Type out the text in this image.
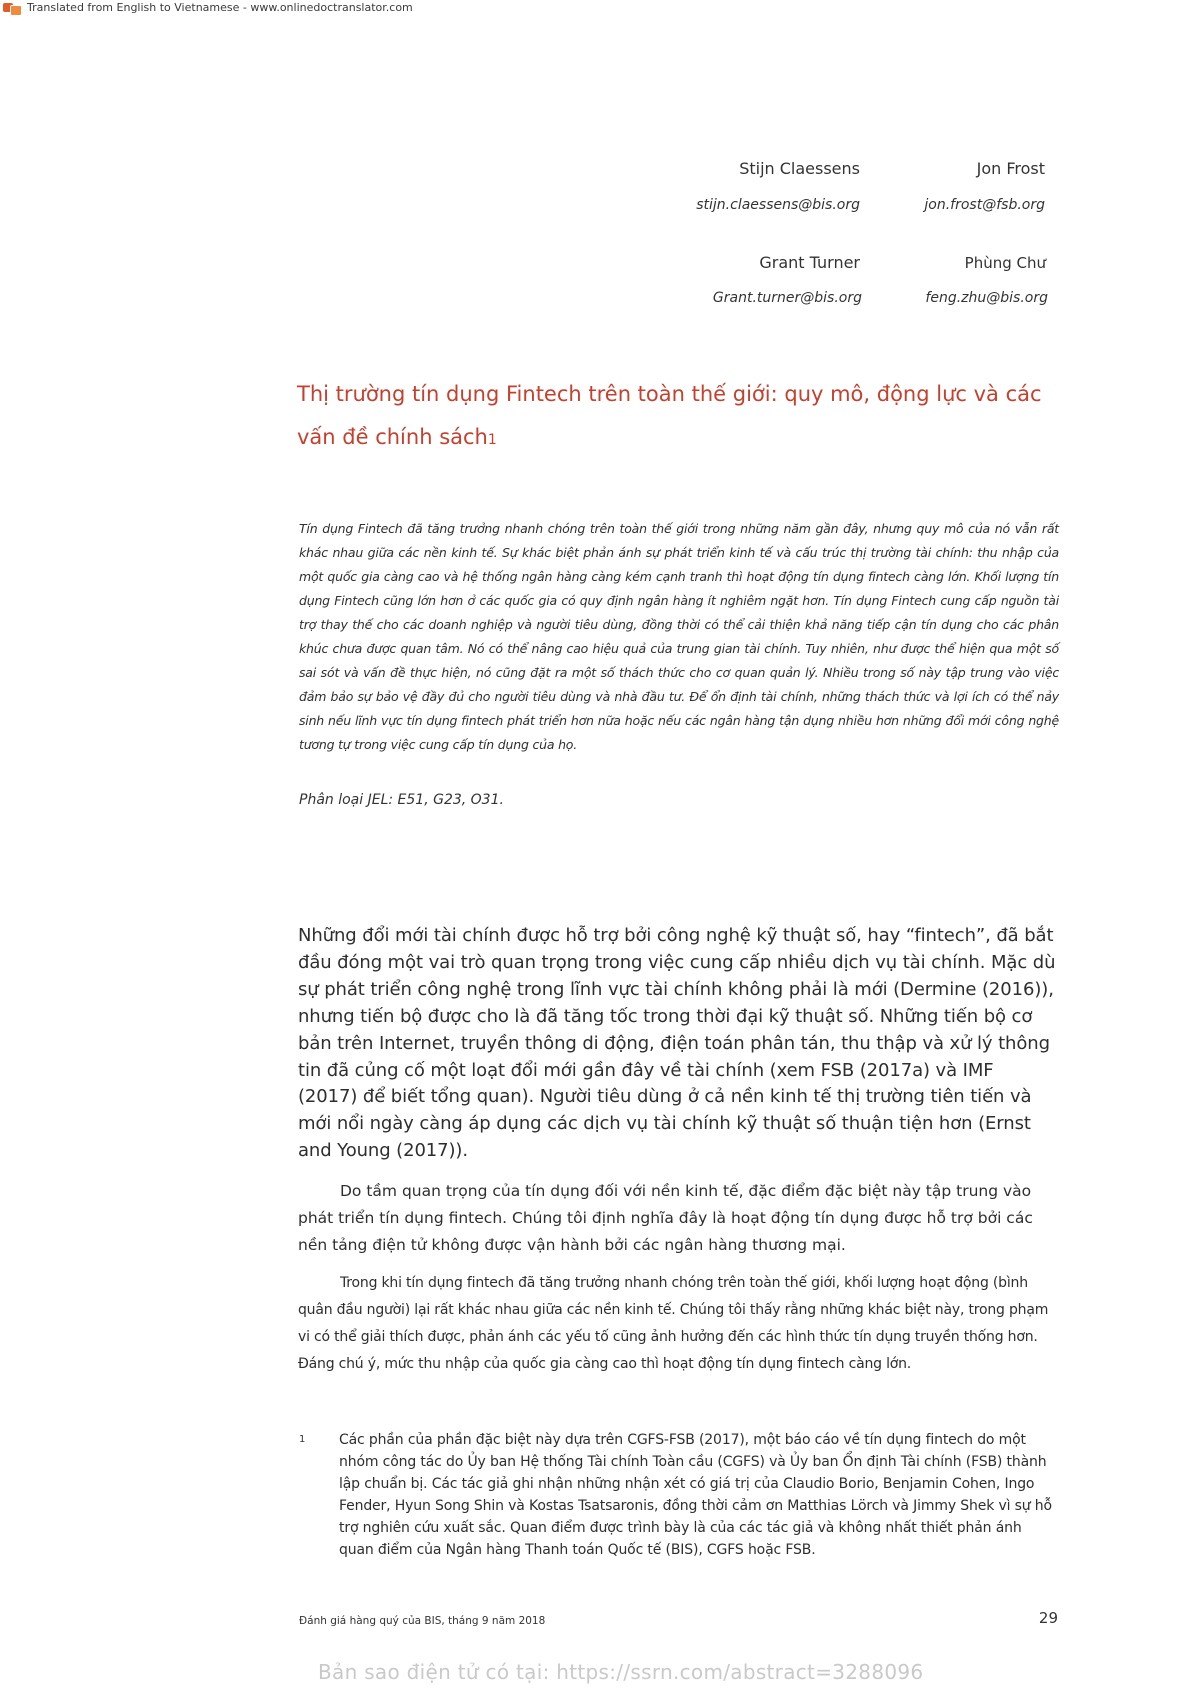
Translated from English to Vietnamese - www.onlinedoctranslator.com
Stijn Claessens
stijn.claessens@bis.org
Jon Frost
jon.frost@fsb.org
Grant Turner
Grant.turner@bis.org
Phùng Chư
feng.zhu@bis.org
Thị trường tín dụng Fintech trên toàn thế giới: quy mô, động lực và các vấn đề chính sách1

Tín dụng Fintech đã tăng trưởng nhanh chóng trên toàn thế giới trong những năm gần đây, nhưng quy mô của nó vẫn rất khác nhau giữa các nền kinh tế. Sự khác biệt phản ánh sự phát triển kinh tế và cấu trúc thị trường tài chính: thu nhập của một quốc gia càng cao và hệ thống ngân hàng càng kém cạnh tranh thì hoạt động tín dụng fintech càng lớn. Khối lượng tín dụng Fintech cũng lớn hơn ở các quốc gia có quy định ngân hàng ít nghiêm ngặt hơn. Tín dụng Fintech cung cấp nguồn tài trợ thay thế cho các doanh nghiệp và người tiêu dùng, đồng thời có thể cải thiện khả năng tiếp cận tín dụng cho các phân khúc chưa được quan tâm. Nó có thể nâng cao hiệu quả của trung gian tài chính. Tuy nhiên, như được thể hiện qua một số sai sót và vấn đề thực hiện, nó cũng đặt ra một số thách thức cho cơ quan quản lý. Nhiều trong số này tập trung vào việc đảm bảo sự bảo vệ đầy đủ cho người tiêu dùng và nhà đầu tư. Để ổn định tài chính, những thách thức và lợi ích có thể nảy sinh nếu lĩnh vực tín dụng fintech phát triển hơn nữa hoặc nếu các ngân hàng tận dụng nhiều hơn những đổi mới công nghệ tương tự trong việc cung cấp tín dụng của họ.

Phân loại JEL: E51, G23, O31.

Những đổi mới tài chính được hỗ trợ bởi công nghệ kỹ thuật số, hay “fintech”, đã bắt đầu đóng một vai trò quan trọng trong việc cung cấp nhiều dịch vụ tài chính. Mặc dù sự phát triển công nghệ trong lĩnh vực tài chính không phải là mới (Dermine (2016)), nhưng tiến bộ được cho là đã tăng tốc trong thời đại kỹ thuật số. Những tiến bộ cơ bản trên Internet, truyền thông di động, điện toán phân tán, thu thập và xử lý thông tin đã củng cố một loạt đổi mới gần đây về tài chính (xem FSB (2017a) và IMF (2017) để biết tổng quan). Người tiêu dùng ở cả nền kinh tế thị trường tiên tiến và mới nổi ngày càng áp dụng các dịch vụ tài chính kỹ thuật số thuận tiện hơn (Ernst and Young (2017)).

Do tầm quan trọng của tín dụng đối với nền kinh tế, đặc điểm đặc biệt này tập trung vào phát triển tín dụng fintech. Chúng tôi định nghĩa đây là hoạt động tín dụng được hỗ trợ bởi các nền tảng điện tử không được vận hành bởi các ngân hàng thương mại.

Trong khi tín dụng fintech đã tăng trưởng nhanh chóng trên toàn thế giới, khối lượng hoạt động (bình quân đầu người) lại rất khác nhau giữa các nền kinh tế. Chúng tôi thấy rằng những khác biệt này, trong phạm vi có thể giải thích được, phản ánh các yếu tố cũng ảnh hưởng đến các hình thức tín dụng truyền thống hơn. Đáng chú ý, mức thu nhập của quốc gia càng cao thì hoạt động tín dụng fintech càng lớn.

1 Các phần của phần đặc biệt này dựa trên CGFS-FSB (2017), một báo cáo về tín dụng fintech do một nhóm công tác do Ủy ban Hệ thống Tài chính Toàn cầu (CGFS) và Ủy ban Ổn định Tài chính (FSB) thành lập chuẩn bị. Các tác giả ghi nhận những nhận xét có giá trị của Claudio Borio, Benjamin Cohen, Ingo Fender, Hyun Song Shin và Kostas Tsatsaronis, đồng thời cảm ơn Matthias Lörch và Jimmy Shek vì sự hỗ trợ nghiên cứu xuất sắc. Quan điểm được trình bày là của các tác giả và không nhất thiết phản ánh quan điểm của Ngân hàng Thanh toán Quốc tế (BIS), CGFS hoặc FSB.

Đánh giá hàng quý của BIS, tháng 9 năm 2018	29
Bản sao điện tử có tại: https://ssrn.com/abstract=3288096
